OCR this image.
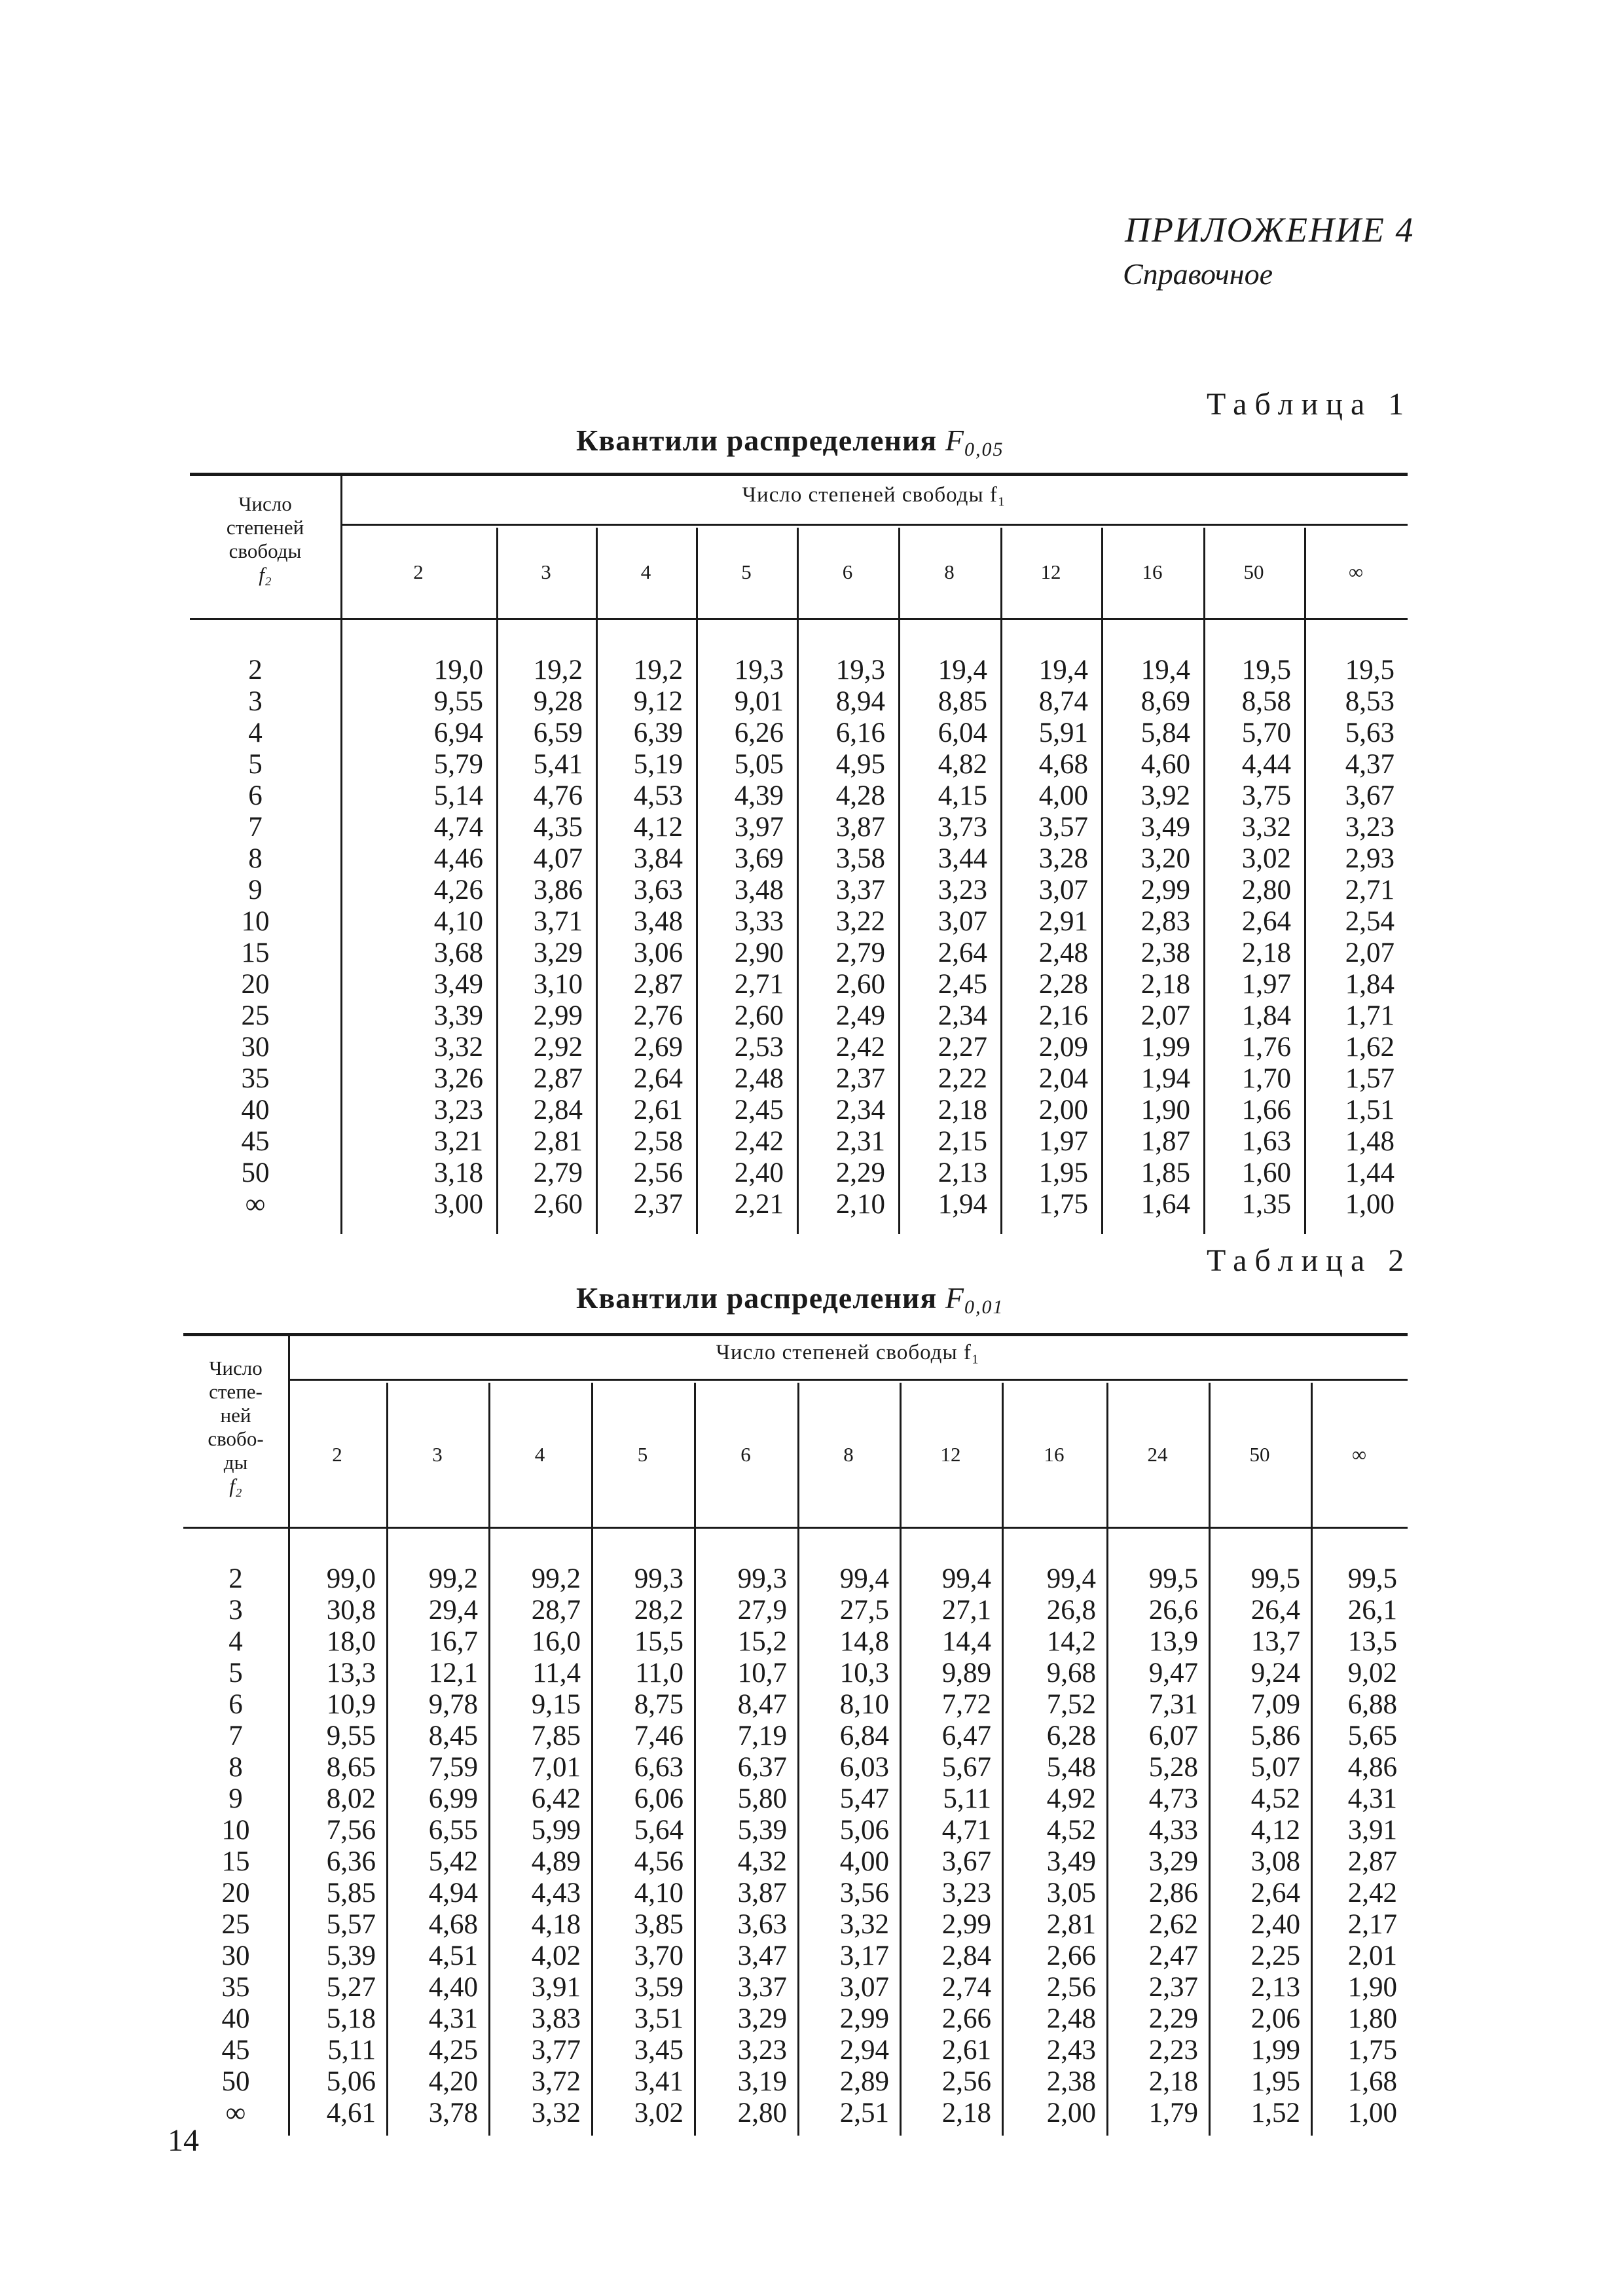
ПРИЛОЖЕНИЕ 4
Справочное
Таблица 1
Квантили распределения $F_{0,05}$
Число
степеней
свободы
f₂
Число степеней свободы f₁
2
19,0
9,55
6,94
5,79
5,14
4,74
4,46
4,26
4,10
3,68
3,49
3,39
3,32
3,26
3,23
3,21
3,18
3,00
3
19,2
9,28
6,59
5,41
4,76
4,35
4,07
3,86
3,71
3,29
3,10
2,99
2,92
2,87
2,84
2,81
2,79
2,60
4
19,2
9,12
6,39
5,19
4,53
4,12
3,84
3,63
3,48
3,06
2,87
2,76
2,69
2,64
2,61
2,58
2,56
2,37
5
19,3
9,01
6,26
5,05
4,39
3,97
3,69
3,48
3,33
2,90
2,71
2,60
2,53
2,48
2,45
2,42
2,40
2,21
6
19,3
8,94
6,16
4,95
4,28
3,87
3,58
3,37
3,22
2,79
2,60
2,49
2,42
2,37
2,34
2,31
2,29
2,10
8
19,4
8,85
6,04
4,82
4,15
3,73
3,44
3,23
3,07
2,64
2,45
2,34
2,27
2,22
2,18
2,15
2,13
1,94
12
19,4
8,74
5,91
4,68
4,00
3,57
3,28
3,07
2,91
2,48
2,28
2,16
2,09
2,04
2,00
1,97
1,95
1,75
16
19,4
8,69
5,84
4,60
3,92
3,49
3,20
2,99
2,83
2,38
2,18
2,07
1,99
1,94
1,90
1,87
1,85
1,64
50
19,5
8,58
5,70
4,44
3,75
3,32
3,02
2,80
2,64
2,18
1,97
1,84
1,76
1,70
1,66
1,63
1,60
1,35
∞
19,5
8,53
5,63
4,37
3,67
3,23
2,93
2,71
2,54
2,07
1,84
1,71
1,62
1,57
1,51
1,48
1,44
1,00
2
3
4
5
6
7
8
9
10
15
20
25
30
35
40
45
50
∞
Таблица 2
Квантили распределения $F_{0,01}$
Число
степе-
ней
свобо-
ды
f₂
Число степеней свободы f₁
2
99,0
30,8
18,0
13,3
10,9
9,55
8,65
8,02
7,56
6,36
5,85
5,57
5,39
5,27
5,18
5,11
5,06
4,61
3
99,2
29,4
16,7
12,1
9,78
8,45
7,59
6,99
6,55
5,42
4,94
4,68
4,51
4,40
4,31
4,25
4,20
3,78
4
99,2
28,7
16,0
11,4
9,15
7,85
7,01
6,42
5,99
4,89
4,43
4,18
4,02
3,91
3,83
3,77
3,72
3,32
5
99,3
28,2
15,5
11,0
8,75
7,46
6,63
6,06
5,64
4,56
4,10
3,85
3,70
3,59
3,51
3,45
3,41
3,02
6
99,3
27,9
15,2
10,7
8,47
7,19
6,37
5,80
5,39
4,32
3,87
3,63
3,47
3,37
3,29
3,23
3,19
2,80
8
99,4
27,5
14,8
10,3
8,10
6,84
6,03
5,47
5,06
4,00
3,56
3,32
3,17
3,07
2,99
2,94
2,89
2,51
12
99,4
27,1
14,4
9,89
7,72
6,47
5,67
5,11
4,71
3,67
3,23
2,99
2,84
2,74
2,66
2,61
2,56
2,18
16
99,4
26,8
14,2
9,68
7,52
6,28
5,48
4,92
4,52
3,49
3,05
2,81
2,66
2,56
2,48
2,43
2,38
2,00
24
99,5
26,6
13,9
9,47
7,31
6,07
5,28
4,73
4,33
3,29
2,86
2,62
2,47
2,37
2,29
2,23
2,18
1,79
50
99,5
26,4
13,7
9,24
7,09
5,86
5,07
4,52
4,12
3,08
2,64
2,40
2,25
2,13
2,06
1,99
1,95
1,52
∞
99,5
26,1
13,5
9,02
6,88
5,65
4,86
4,31
3,91
2,87
2,42
2,17
2,01
1,90
1,80
1,75
1,68
1,00
2
3
4
5
6
7
8
9
10
15
20
25
30
35
40
45
50
∞
14
